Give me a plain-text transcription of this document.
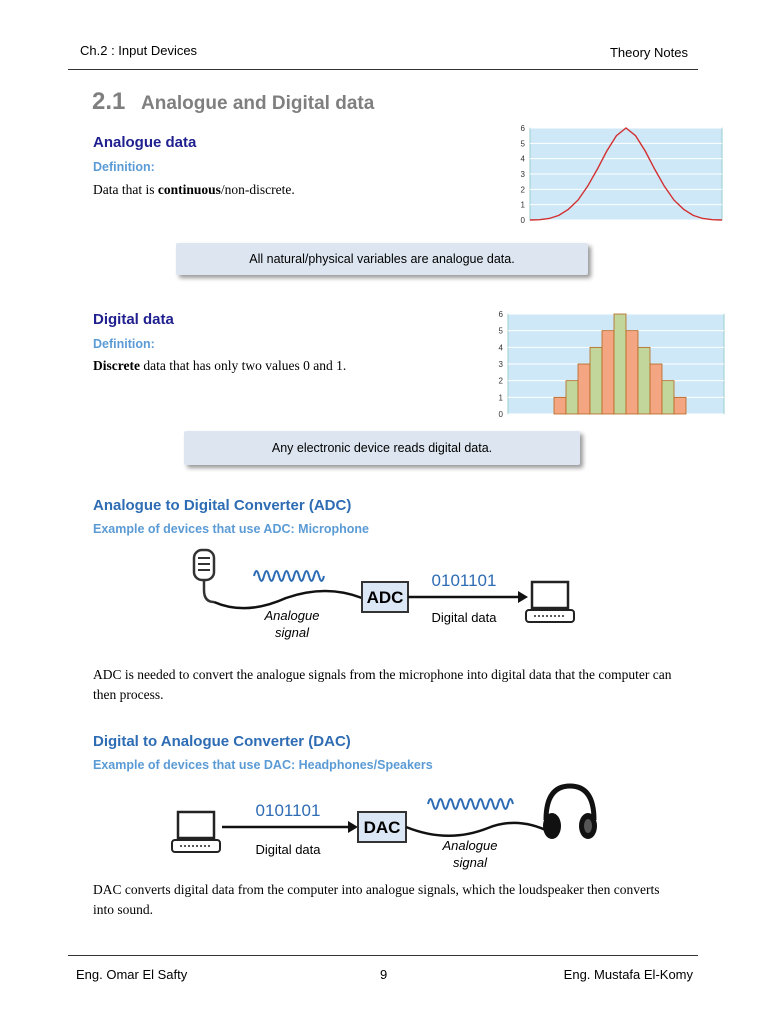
Ch.2 : Input Devices	Theory Notes
2.1 Analogue and Digital data
Analogue data
Definition:
Data that is continuous/non-discrete.
0
1
2
3
4
5
6
All natural/physical variables are analogue data.
Digital data
Definition:
Discrete data that has only two values 0 and 1.
0
1
2
3
4
5
6
Any electronic device reads digital data.
Analogue to Digital Converter (ADC)
Example of devices that use ADC: Microphone
ADC
0101101
Analogue
signal
Digital data
ADC is needed to convert the analogue signals from the microphone into digital data that the computer can then process.
Digital to Analogue Converter (DAC)
Example of devices that use DAC: Headphones/Speakers
0101101
Digital data
DAC
Analogue
signal
DAC converts digital data from the computer into analogue signals, which the loudspeaker then converts into sound.
Eng. Omar El Safty	9	Eng. Mustafa El-Komy
